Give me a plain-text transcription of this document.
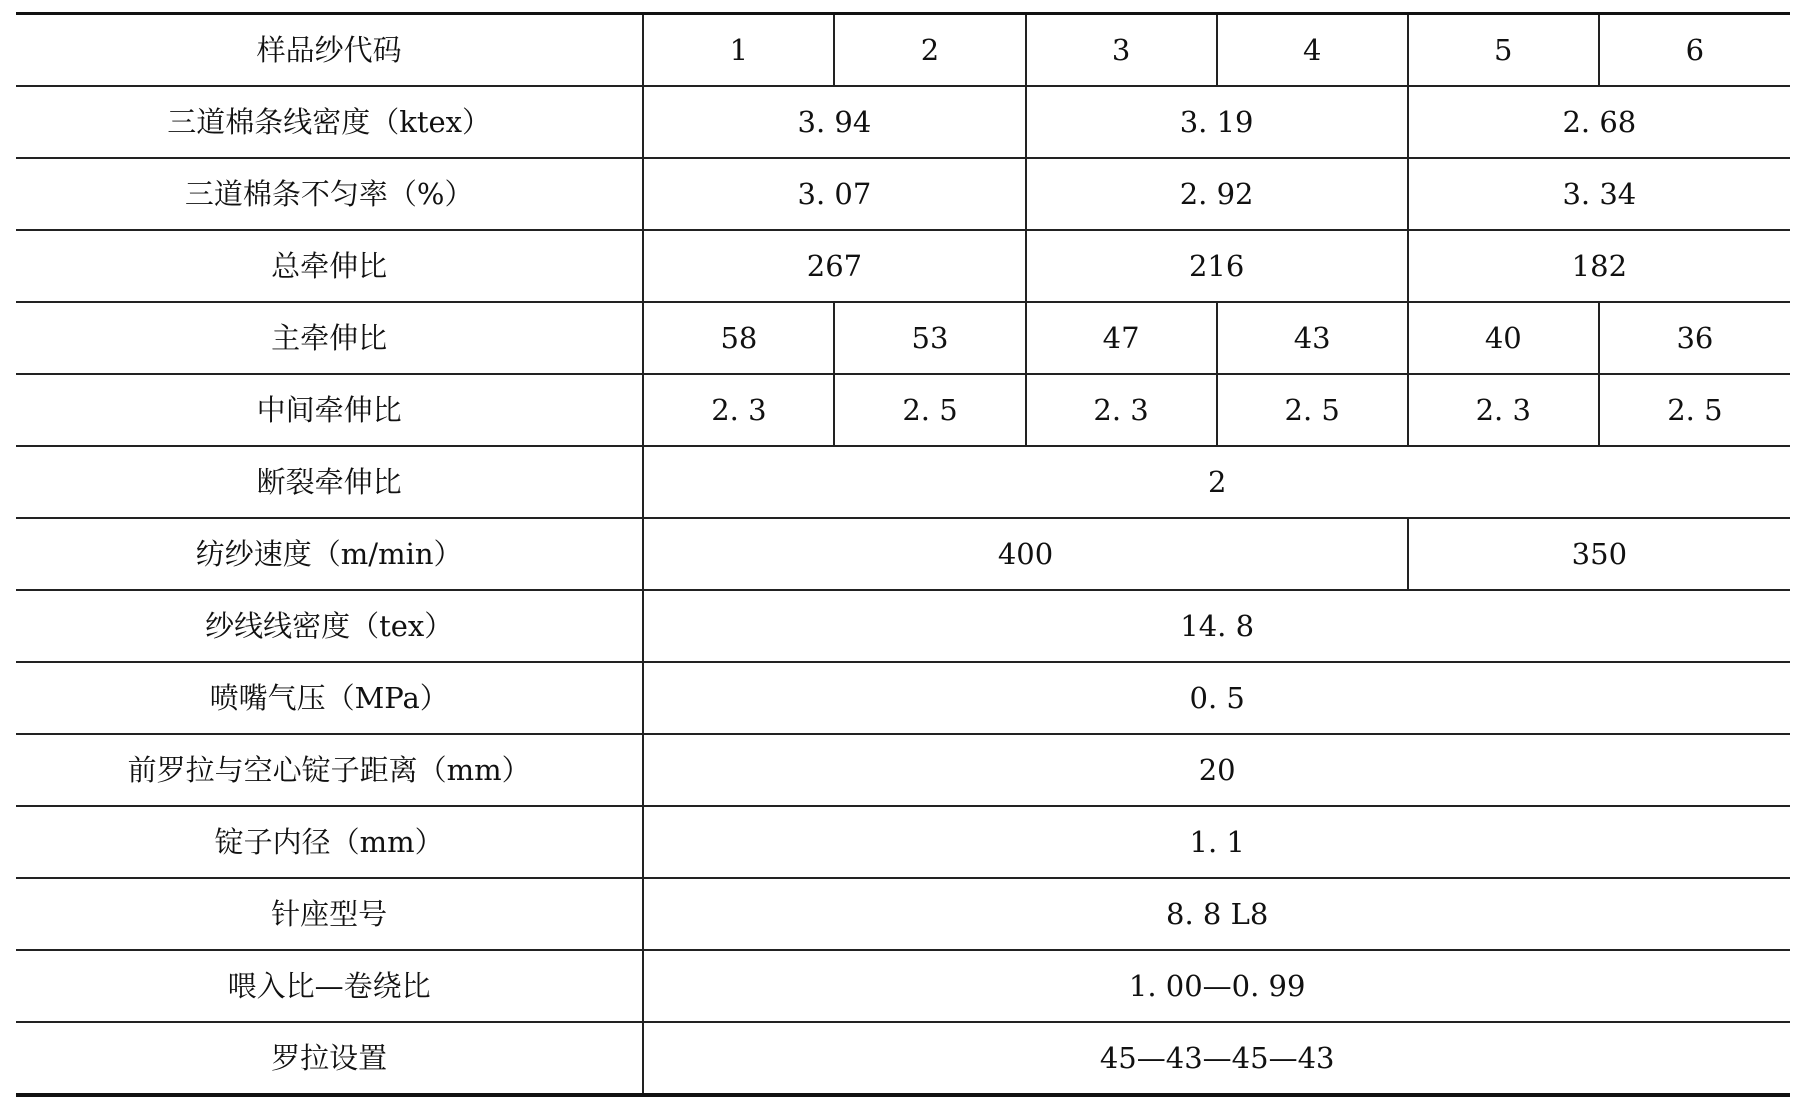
样品纱代码	1	2	3	4	5	6
三道棉条线密度（ktex）	3. 94		3. 19		2. 68	
三道棉条不匀率（%）	3. 07		2. 92		3. 34	
总牵伸比	267		216		182	
主牵伸比	58	53	47	43	40	36
中间牵伸比	2. 3	2. 5	2. 3	2. 5	2. 3	2. 5
断裂牵伸比	2					
纺纱速度（m/min）	400				350	
纱线线密度（tex）	14. 8					
喷嘴气压（MPa）	0. 5					
前罗拉与空心锭子距离（mm）	20					
锭子内径（mm）	1. 1					
针座型号	8. 8 L8					
喂入比—卷绕比	1. 00—0. 99					
罗拉设置	45—43—45—43					
